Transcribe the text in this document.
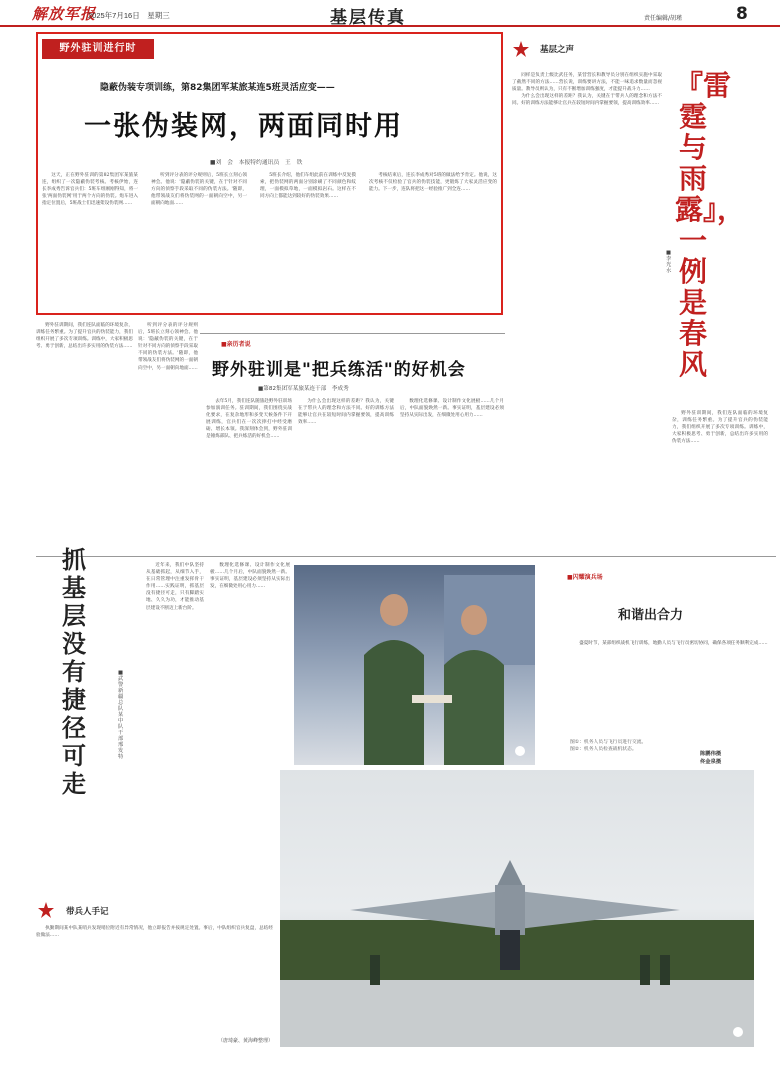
解放军报
2025年7月16日　星期三	基层传真	责任编辑/胡瑾	8
野外驻训进行时
隐蔽伪装专项训练，第82集团军某旅某连5班灵活应变——
一张伪装网，两面同时用
■刘　会　本报特约通讯员　王　铁

这天，正在野外驻训的第82集团军某旅某连，组织了一次隐蔽伪装考核。考核伊始，连长李成秀告诉官兵们：5班车组刚刚得知，将一张'两面伪装网'用于两个方向的伪装。炮车进入指定位置后，5班战士们迅速架设伪装网……

听到评分表的评分规则后，5班长立刻心领神会。他说：'隐蔽伪装的关键，在于针对不同方向的侦察手段采取不同的伪装方法。'随即，他带领战友们将伪装网的一面朝向空中，另一面朝向地面……

5班长介绍，他们车组此前在训练中反复摸索，把伪装网的两面分别涂刷了不同颜色和纹理，一面模拟草地，一面模拟岩石。这样在不同方向上都能达到较好的伪装效果……

考核结束后，连长李成秀对5班的做法给予肯定。他说，这次考核不仅检验了官兵的伪装技能，更锻炼了大家灵活应变的能力。下一步，连队将把这一经验推广到全连……

野外驻训期间，我们连队面临的环境复杂，训练任务繁重。为了提升官兵的伪装能力，我们组织开展了多次专项训练。训练中，大家积极思考、勇于创新，总结出许多实用的伪装方法……

听到评分表的评分规则后，5班长立刻心领神会。他说：'隐蔽伪装的关键，在于针对不同方向的侦察手段采取不同的伪装方法。'随即，他带领战友们将伪装网的一面朝向空中，另一面朝向地面……

■亲历者说
野外驻训是"把兵练活"的好机会
■第82集团军某旅某连干部　李成秀

去年5月，我们连队随旅赴野外驻训场参加演训任务。驻训期间，我们围绕实战化要求，在复杂地形和多变天候条件下开展训练，官兵们在一次次摔打中经受磨砺、增长本领。我深刻体会到，野外驻训是锤炼部队、把兵练活的好机会……

为什么会出现这样的差距？我认为，关键在于带兵人的理念和方法不同。好的训练方法能够让官兵在较短时间内掌握要领，提高训练效率……

数理化选修课、设计制作文化展板……几个月后，中队面貌焕然一新。事实证明，基层建设必须坚持从实际出发，在细微处用心用力……

基层之声

同样是负责上级比武任务，某营营长和教导员分别在组织实施中采取了截然不同的方法……营长说，训练要讲方法，不能一味追求数量而忽视质量。教导员则认为，只有不断增加训练强度，才能提升战斗力……

为什么会出现这样的差距？我认为，关键在于带兵人的理念和方法不同。好的训练方法能够让官兵在较短时间内掌握要领，提高训练效率……

『雷霆与雨露』，一例是春风
■李　光　水

野外驻训期间，我们连队面临的环境复杂，训练任务繁重。为了提升官兵的伪装能力，我们组织开展了多次专项训练。训练中，大家积极思考、勇于创新，总结出许多实用的伪装方法……

抓基层没有捷径可走
■武警新疆总队某中队干部　邢发特

近年来，我们中队坚持从基础抓起，从细节入手，在日常管理中注重发挥骨干作用……实践证明，抓基层没有捷径可走，只有脚踏实地、久久为功，才能推动基层建设不断迈上新台阶。

数理化选修课、设计制作文化展板……几个月后，中队面貌焕然一新。事实证明，基层建设必须坚持从实际出发，在细微处用心用力……

带兵人手记

执勤期间某中队某哨兵发现哨位附近有异常情况，他立即报告并按规定处置。事后，中队组织官兵复盘，总结经验做法……

（唐琦豪、黄海峰整理）
■闪耀演兵场
和谐出合力

盛夏时节，某部组织战机飞行训练，地勤人员与飞行员密切协同，确保各项任务顺利完成……

图①：机务人员与飞行员进行交流。
图②：机务人员检查战机状态。
陈鹏伟摄
佟金泉摄
